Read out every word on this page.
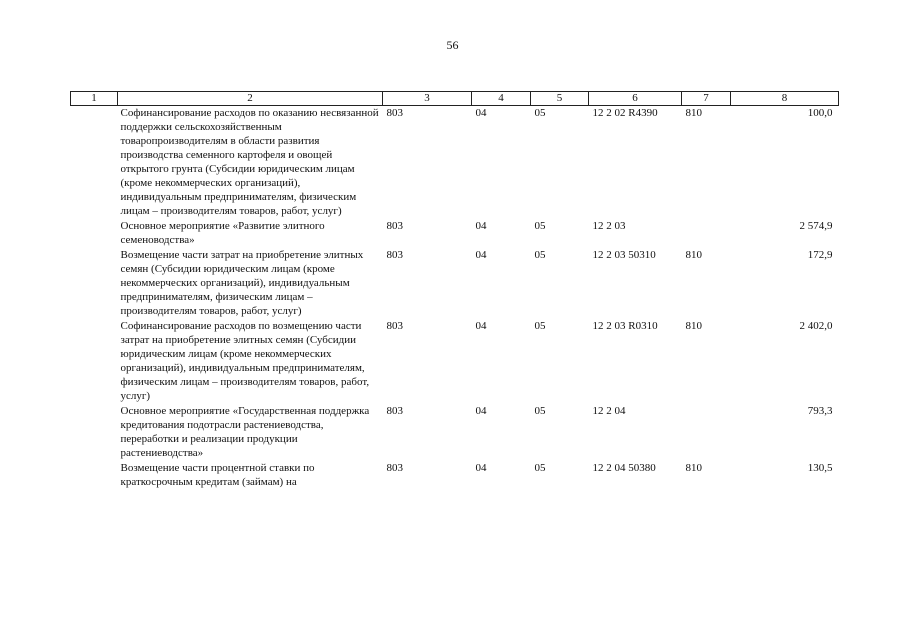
56
1	2	3	4	5	6	7	8
	Софинансирование расходов по оказанию несвязанной поддержки сельскохозяйственным товаропроизводителям в области развития производства семенного картофеля и овощей открытого грунта (Субсидии юридическим лицам (кроме некоммерческих организаций), индивидуальным предпринимателям, физическим лицам – производителям товаров, работ, услуг)	803	04	05	12 2 02 R4390	810	100,0
	Основное мероприятие «Развитие элитного семеноводства»	803	04	05	12 2 03		2 574,9
	Возмещение части затрат на приобретение элитных семян (Субсидии юридическим лицам (кроме некоммерческих организаций), индивидуальным предпринимателям, физическим лицам – производителям товаров, работ, услуг)	803	04	05	12 2 03 50310	810	172,9
	Софинансирование расходов по возмещению части затрат на приобретение элитных семян (Субсидии юридическим лицам (кроме некоммерческих организаций), индивидуальным предпринимателям, физическим лицам – производителям товаров, работ, услуг)	803	04	05	12 2 03 R0310	810	2 402,0
	Основное мероприятие «Государственная поддержка кредитования подотрасли растениеводства, переработки и реализации продукции растениеводства»	803	04	05	12 2 04		793,3
	Возмещение части процентной ставки по краткосрочным кредитам (займам) на	803	04	05	12 2 04 50380	810	130,5
